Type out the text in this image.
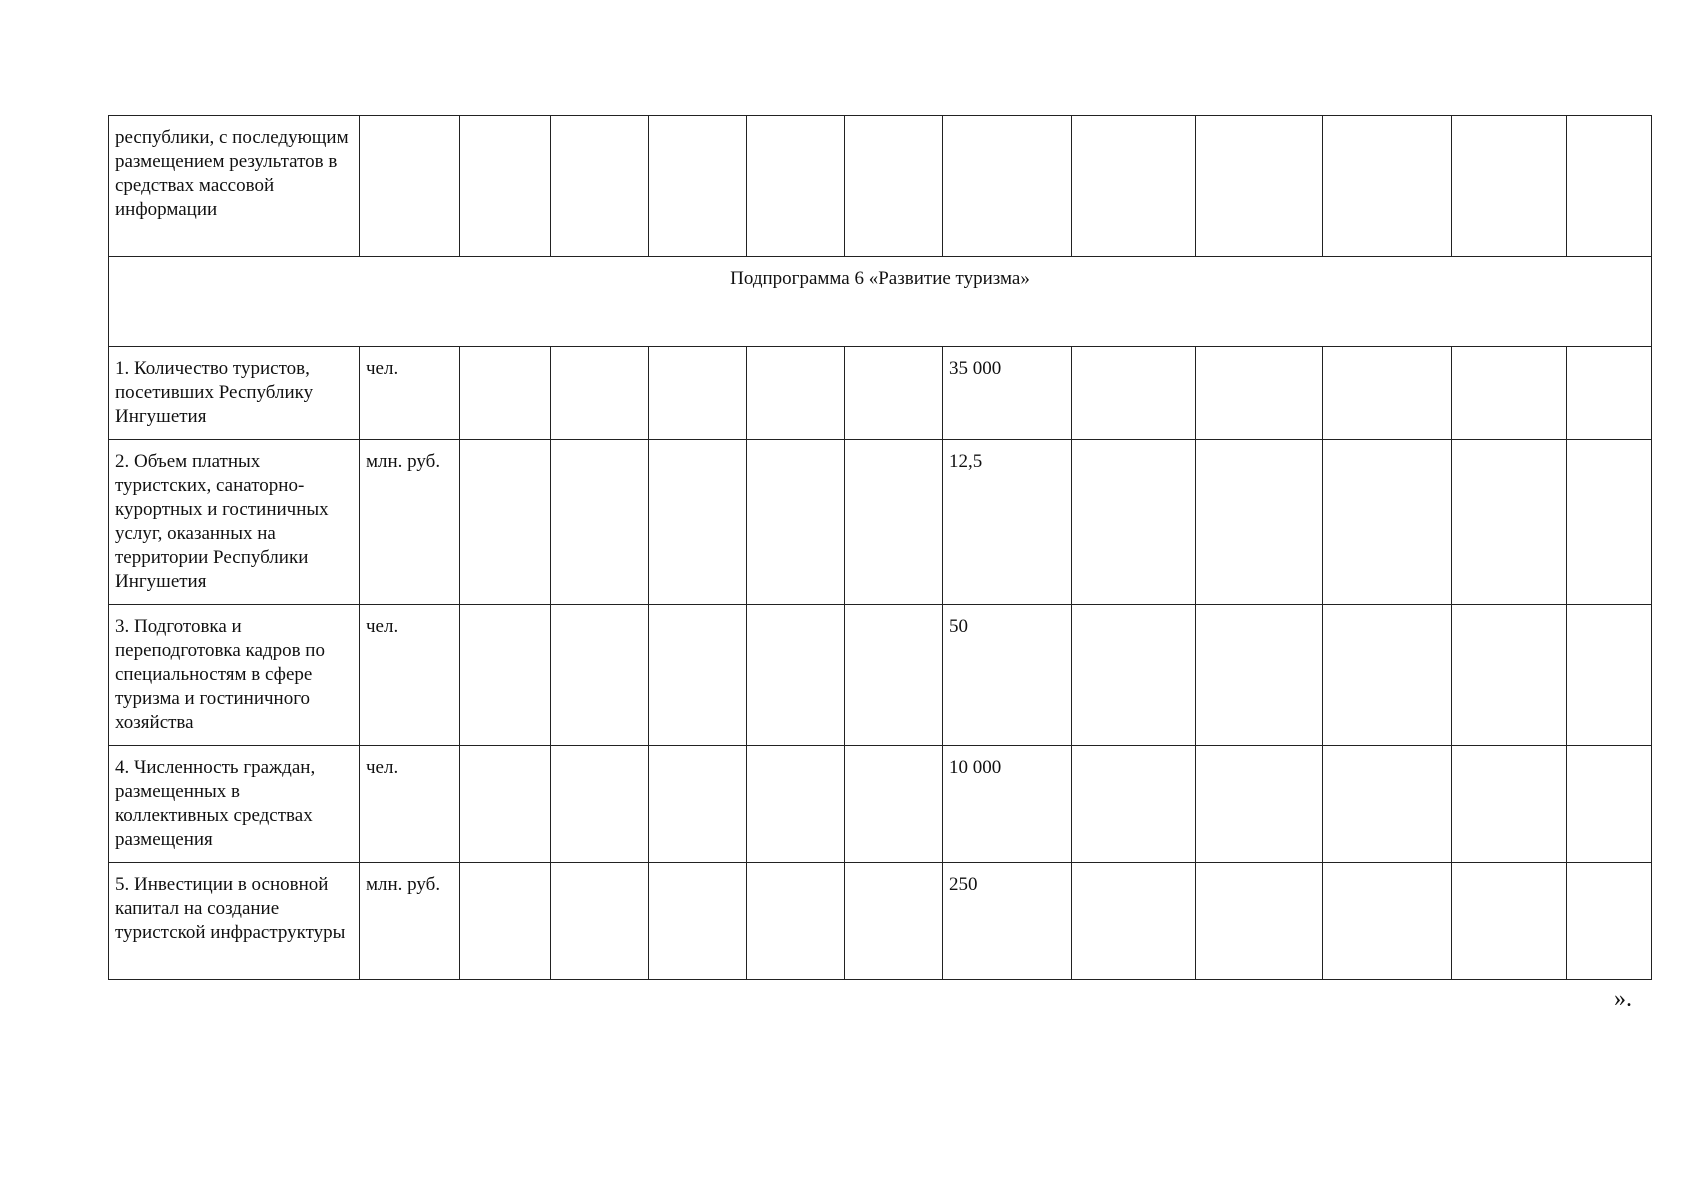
республики, с последующим размещением результатов в средствах массовой информации												
Подпрограмма 6 «Развитие туризма»												
1. Количество туристов, посетивших Республику Ингушетия	чел.						35 000					
2. Объем платных туристских, санаторно-курортных и гостиничных услуг, оказанных на территории Республики Ингушетия	млн. руб.						12,5					
3. Подготовка и переподготовка кадров по специальностям в сфере туризма и гостиничного хозяйства	чел.						50					
4. Численность граждан, размещенных в коллективных средствах размещения	чел.						10 000					
5. Инвестиции в основной капитал на создание туристской инфраструктуры	млн. руб.						250					
».
